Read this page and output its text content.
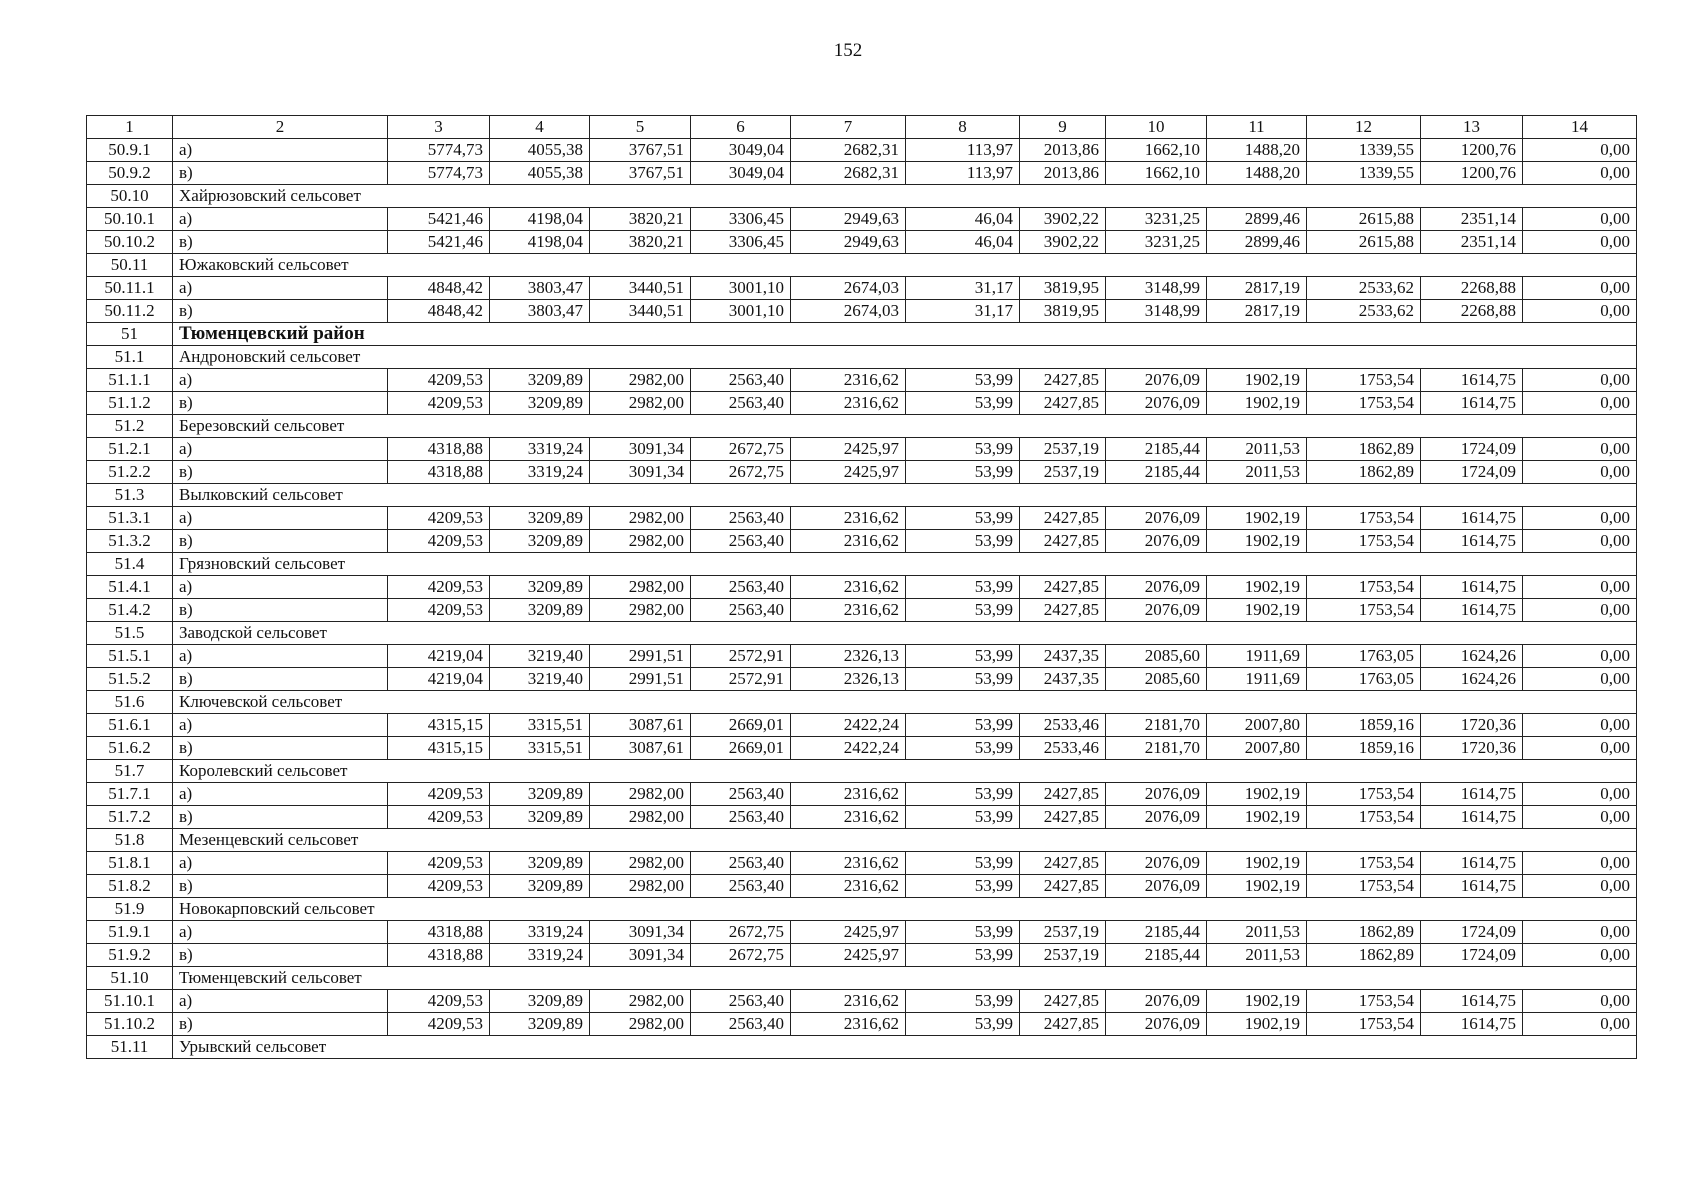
152
1	2	3	4	5	6	7	8	9	10	11	12	13	14
50.9.1	а)	5774,73	4055,38	3767,51	3049,04	2682,31	113,97	2013,86	1662,10	1488,20	1339,55	1200,76	0,00
50.9.2	в)	5774,73	4055,38	3767,51	3049,04	2682,31	113,97	2013,86	1662,10	1488,20	1339,55	1200,76	0,00
50.10	Хайрюзовский сельсовет												
50.10.1	а)	5421,46	4198,04	3820,21	3306,45	2949,63	46,04	3902,22	3231,25	2899,46	2615,88	2351,14	0,00
50.10.2	в)	5421,46	4198,04	3820,21	3306,45	2949,63	46,04	3902,22	3231,25	2899,46	2615,88	2351,14	0,00
50.11	Южаковский сельсовет												
50.11.1	а)	4848,42	3803,47	3440,51	3001,10	2674,03	31,17	3819,95	3148,99	2817,19	2533,62	2268,88	0,00
50.11.2	в)	4848,42	3803,47	3440,51	3001,10	2674,03	31,17	3819,95	3148,99	2817,19	2533,62	2268,88	0,00
51	Тюменцевский район												
51.1	Андроновский сельсовет												
51.1.1	а)	4209,53	3209,89	2982,00	2563,40	2316,62	53,99	2427,85	2076,09	1902,19	1753,54	1614,75	0,00
51.1.2	в)	4209,53	3209,89	2982,00	2563,40	2316,62	53,99	2427,85	2076,09	1902,19	1753,54	1614,75	0,00
51.2	Березовский сельсовет												
51.2.1	а)	4318,88	3319,24	3091,34	2672,75	2425,97	53,99	2537,19	2185,44	2011,53	1862,89	1724,09	0,00
51.2.2	в)	4318,88	3319,24	3091,34	2672,75	2425,97	53,99	2537,19	2185,44	2011,53	1862,89	1724,09	0,00
51.3	Вылковский сельсовет												
51.3.1	а)	4209,53	3209,89	2982,00	2563,40	2316,62	53,99	2427,85	2076,09	1902,19	1753,54	1614,75	0,00
51.3.2	в)	4209,53	3209,89	2982,00	2563,40	2316,62	53,99	2427,85	2076,09	1902,19	1753,54	1614,75	0,00
51.4	Грязновский сельсовет												
51.4.1	а)	4209,53	3209,89	2982,00	2563,40	2316,62	53,99	2427,85	2076,09	1902,19	1753,54	1614,75	0,00
51.4.2	в)	4209,53	3209,89	2982,00	2563,40	2316,62	53,99	2427,85	2076,09	1902,19	1753,54	1614,75	0,00
51.5	Заводской сельсовет												
51.5.1	а)	4219,04	3219,40	2991,51	2572,91	2326,13	53,99	2437,35	2085,60	1911,69	1763,05	1624,26	0,00
51.5.2	в)	4219,04	3219,40	2991,51	2572,91	2326,13	53,99	2437,35	2085,60	1911,69	1763,05	1624,26	0,00
51.6	Ключевской сельсовет												
51.6.1	а)	4315,15	3315,51	3087,61	2669,01	2422,24	53,99	2533,46	2181,70	2007,80	1859,16	1720,36	0,00
51.6.2	в)	4315,15	3315,51	3087,61	2669,01	2422,24	53,99	2533,46	2181,70	2007,80	1859,16	1720,36	0,00
51.7	Королевский сельсовет												
51.7.1	а)	4209,53	3209,89	2982,00	2563,40	2316,62	53,99	2427,85	2076,09	1902,19	1753,54	1614,75	0,00
51.7.2	в)	4209,53	3209,89	2982,00	2563,40	2316,62	53,99	2427,85	2076,09	1902,19	1753,54	1614,75	0,00
51.8	Мезенцевский сельсовет												
51.8.1	а)	4209,53	3209,89	2982,00	2563,40	2316,62	53,99	2427,85	2076,09	1902,19	1753,54	1614,75	0,00
51.8.2	в)	4209,53	3209,89	2982,00	2563,40	2316,62	53,99	2427,85	2076,09	1902,19	1753,54	1614,75	0,00
51.9	Новокарповский сельсовет												
51.9.1	а)	4318,88	3319,24	3091,34	2672,75	2425,97	53,99	2537,19	2185,44	2011,53	1862,89	1724,09	0,00
51.9.2	в)	4318,88	3319,24	3091,34	2672,75	2425,97	53,99	2537,19	2185,44	2011,53	1862,89	1724,09	0,00
51.10	Тюменцевский сельсовет												
51.10.1	а)	4209,53	3209,89	2982,00	2563,40	2316,62	53,99	2427,85	2076,09	1902,19	1753,54	1614,75	0,00
51.10.2	в)	4209,53	3209,89	2982,00	2563,40	2316,62	53,99	2427,85	2076,09	1902,19	1753,54	1614,75	0,00
51.11	Урывский сельсовет												
